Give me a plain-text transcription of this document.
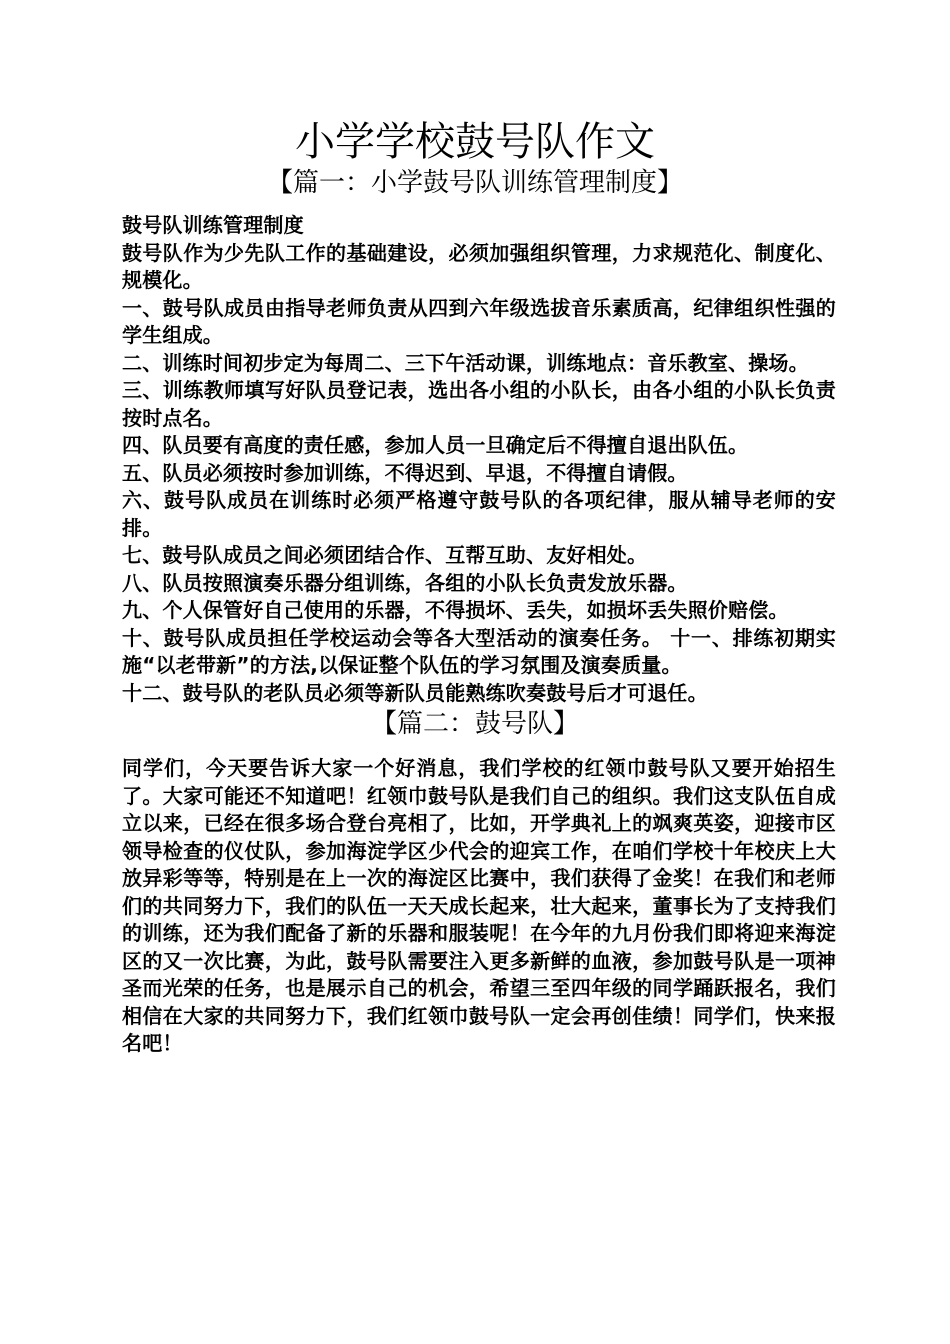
小学学校鼓号队作文
【篇一：小学鼓号队训练管理制度】

鼓号队训练管理制度

鼓号队作为少先队工作的基础建设，必须加强组织管理，力求规范化、制度化、规模化。

一、鼓号队成员由指导老师负责从四到六年级选拔音乐素质高，纪律组织性强的学生组成。

二、训练时间初步定为每周二、三下午活动课，训练地点：音乐教室、操场。

三、训练教师填写好队员登记表，选出各小组的小队长，由各小组的小队长负责按时点名。

四、队员要有高度的责任感，参加人员一旦确定后不得擅自退出队伍。

五、队员必须按时参加训练，不得迟到、早退，不得擅自请假。

六、鼓号队成员在训练时必须严格遵守鼓号队的各项纪律，服从辅导老师的安排。

七、鼓号队成员之间必须团结合作、互帮互助、友好相处。

八、队员按照演奏乐器分组训练，各组的小队长负责发放乐器。

九、个人保管好自己使用的乐器，不得损坏、丢失，如损坏丢失照价赔偿。

十、鼓号队成员担任学校运动会等各大型活动的演奏任务。 十一、排练初期实施“以老带新”的方法,以保证整个队伍的学习氛围及演奏质量。

十二、鼓号队的老队员必须等新队员能熟练吹奏鼓号后才可退任。

【篇二：鼓号队】

同学们，今天要告诉大家一个好消息，我们学校的红领巾鼓号队又要开始招生了。大家可能还不知道吧！红领巾鼓号队是我们自己的组织。我们这支队伍自成立以来，已经在很多场合登台亮相了，比如，开学典礼上的飒爽英姿，迎接市区领导检查的仪仗队，参加海淀学区少代会的迎宾工作，在咱们学校十年校庆上大放异彩等等，特别是在上一次的海淀区比赛中，我们获得了金奖！在我们和老师们的共同努力下，我们的队伍一天天成长起来，壮大起来，董事长为了支持我们的训练，还为我们配备了新的乐器和服装呢！在今年的九月份我们即将迎来海淀区的又一次比赛，为此，鼓号队需要注入更多新鲜的血液，参加鼓号队是一项神圣而光荣的任务，也是展示自己的机会，希望三至四年级的同学踊跃报名，我们相信在大家的共同努力下，我们红领巾鼓号队一定会再创佳绩！同学们，快来报名吧！
